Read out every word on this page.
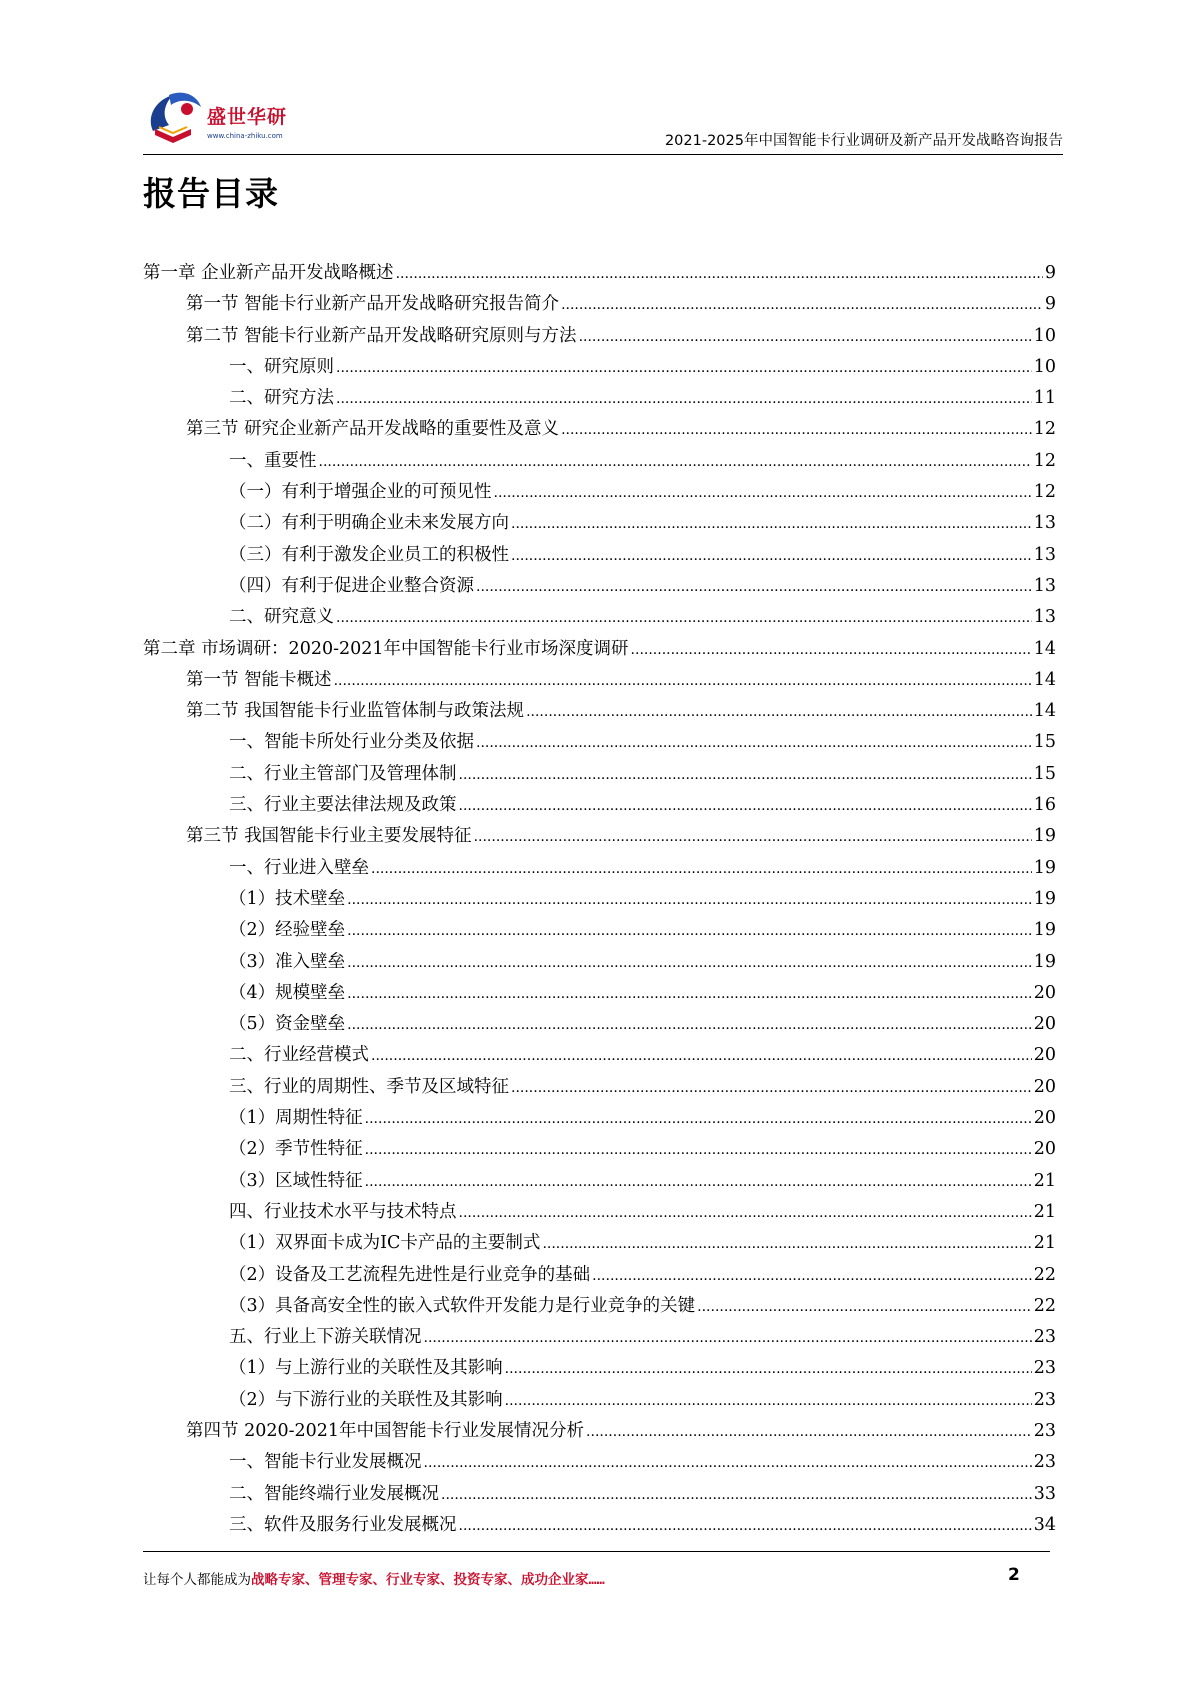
盛世华研
www.china-zhiku.com	2021-2025年中国智能卡行业调研及新产品开发战略咨询报告
报告目录
第一章 企业新产品开发战略概述 .....	9
第一节 智能卡行业新产品开发战略研究报告简介 .....	9
第二节 智能卡行业新产品开发战略研究原则与方法 .....	10
一、研究原则 .....	10
二、研究方法 .....	11
第三节 研究企业新产品开发战略的重要性及意义 .....	12
一、重要性 .....	12
（一）有利于增强企业的可预见性 .....	12
（二）有利于明确企业未来发展方向 .....	13
（三）有利于激发企业员工的积极性 .....	13
（四）有利于促进企业整合资源 .....	13
二、研究意义 .....	13
第二章 市场调研：2020-2021年中国智能卡行业市场深度调研 .....	14
第一节 智能卡概述 .....	14
第二节 我国智能卡行业监管体制与政策法规 .....	14
一、智能卡所处行业分类及依据 .....	15
二、行业主管部门及管理体制 .....	15
三、行业主要法律法规及政策 .....	16
第三节 我国智能卡行业主要发展特征 .....	19
一、行业进入壁垒 .....	19
（1）技术壁垒 .....	19
（2）经验壁垒 .....	19
（3）准入壁垒 .....	19
（4）规模壁垒 .....	20
（5）资金壁垒 .....	20
二、行业经营模式 .....	20
三、行业的周期性、季节及区域特征 .....	20
（1）周期性特征 .....	20
（2）季节性特征 .....	20
（3）区域性特征 .....	21
四、行业技术水平与技术特点 .....	21
（1）双界面卡成为IC卡产品的主要制式 .....	21
（2）设备及工艺流程先进性是行业竞争的基础 .....	22
（3）具备高安全性的嵌入式软件开发能力是行业竞争的关键 .....	22
五、行业上下游关联情况 .....	23
（1）与上游行业的关联性及其影响 .....	23
（2）与下游行业的关联性及其影响 .....	23
第四节 2020-2021年中国智能卡行业发展情况分析 .....	23
一、智能卡行业发展概况 .....	23
二、智能终端行业发展概况 .....	33
三、软件及服务行业发展概况 .....	34
让每个人都能成为战略专家、管理专家、行业专家、投资专家、成功企业家……	2
